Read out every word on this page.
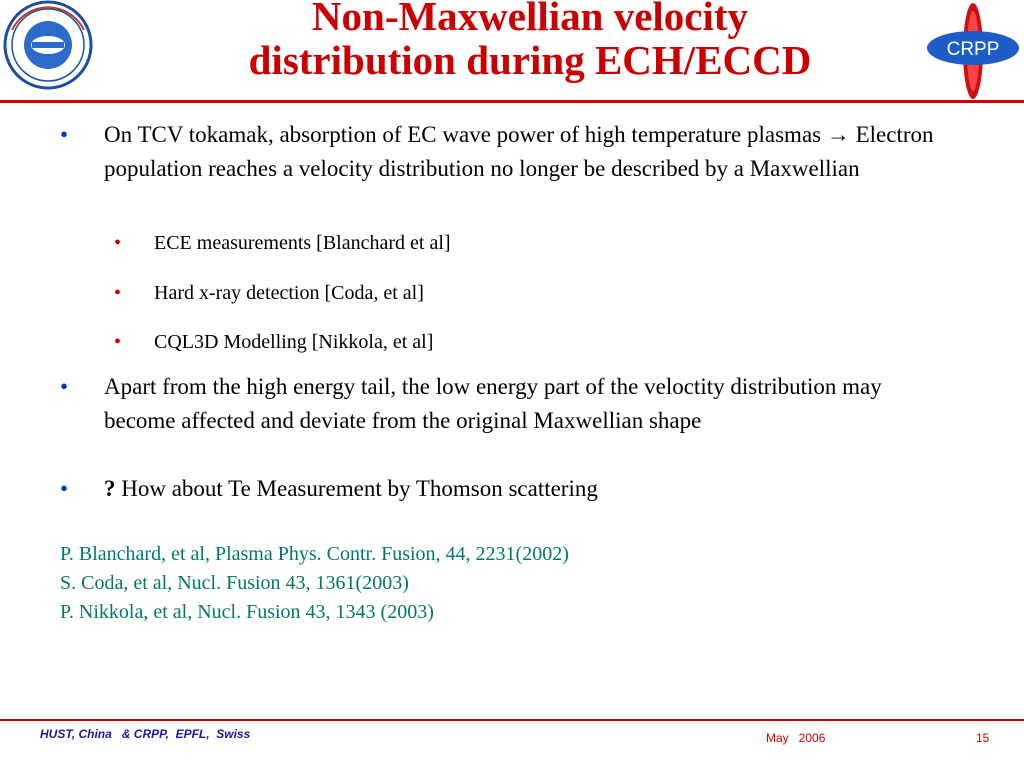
Non-Maxwellian velocity
distribution during ECH/ECCD	CRPP
• On TCV tokamak, absorption of EC wave power of high temperature plasmas → Electron population reaches a velocity distribution no longer be described by a Maxwellian
• ECE measurements [Blanchard et al]
• Hard x-ray detection [Coda, et al]
• CQL3D Modelling [Nikkola, et al]
• Apart from the high energy tail, the low energy part of the veloctity distribution may become affected and deviate from the original Maxwellian shape
• ? How about Te Measurement by Thomson scattering
P. Blanchard, et al, Plasma Phys. Contr. Fusion, 44, 2231(2002)
S. Coda, et al, Nucl. Fusion 43, 1361(2003)
P. Nikkola, et al, Nucl. Fusion 43, 1343 (2003)
HUST, China   & CRPP,  EPFL,  Swiss	May   2006	15
